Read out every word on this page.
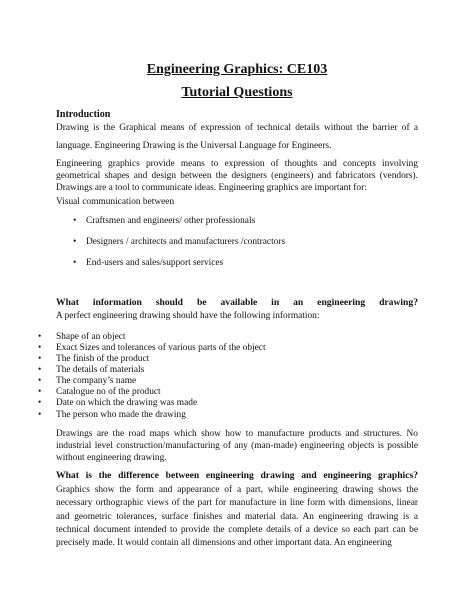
Engineering Graphics: CE103
Tutorial Questions
Introduction
Drawing is the Graphical means of expression of technical details without the barrier of a
language. Engineering Drawing is the Universal Language for Engineers.
Engineering graphics provide means to expression of thoughts and concepts involving geometrical shapes and design between the designers (engineers) and fabricators (vendors). Drawings are a tool to communicate ideas. Engineering graphics are important for:
Visual communication between
• Craftsmen and engineers/ other professionals
• Designers / architects and manufacturers /contractors
• End-users and sales/support services
What information should be available in an engineering drawing?
A perfect engineering drawing should have the following information:
• Shape of an object
• Exact Sizes and tolerances of various parts of the object
• The finish of the product
• The details of materials
• The company’s name
• Catalogue no of the product
• Date on which the drawing was made
• The person who made the drawing
Drawings are the road maps which show how to manufacture products and structures. No industrial level construction/manufacturing of any (man-made) engineering objects is possible without engineering drawing.
What is the difference between engineering drawing and engineering graphics?
Graphics show the form and appearance of a part, while engineering drawing shows the necessary orthographic views of the part for manufacture in line form with dimensions, linear and geometric tolerances, surface finishes and material data. An engineering drawing is a technical document intended to provide the complete details of a device so each part can be precisely made. It would contain all dimensions and other important data. An engineering
